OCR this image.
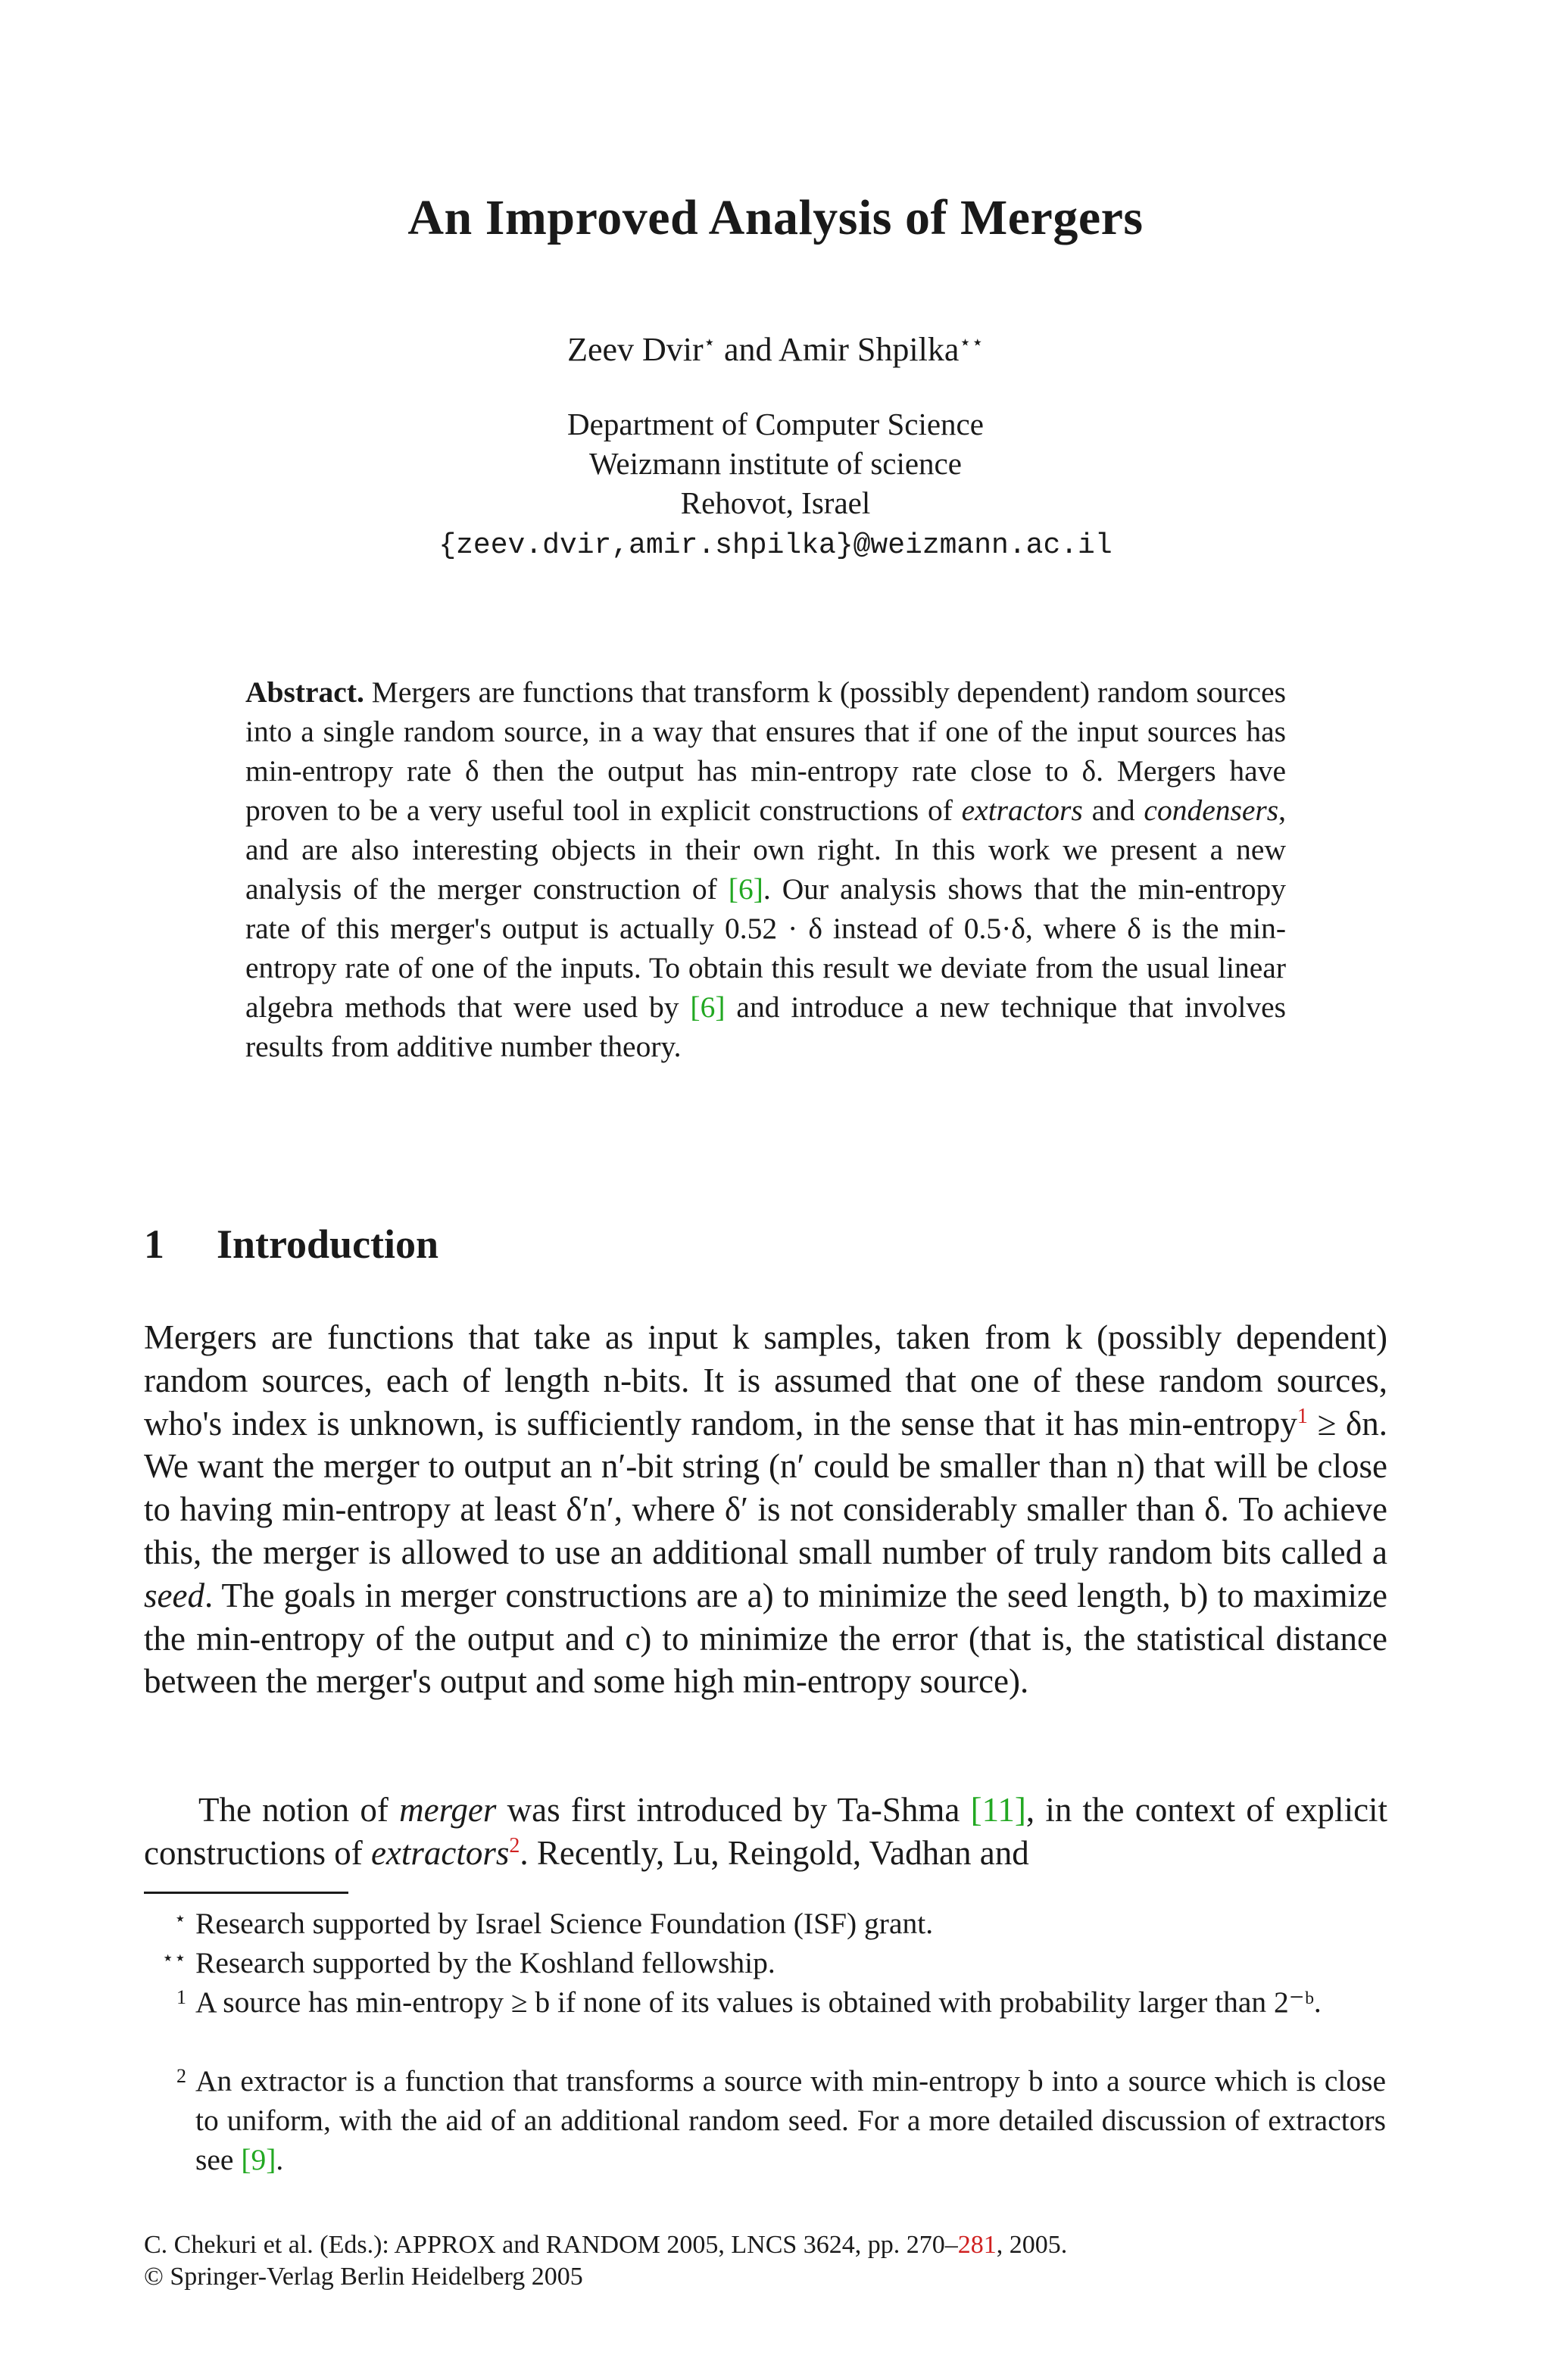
An Improved Analysis of Mergers
Zeev Dvir⋆ and Amir Shpilka⋆⋆
Department of Computer Science
Weizmann institute of science
Rehovot, Israel
{zeev.dvir,amir.shpilka}@weizmann.ac.il
Abstract. Mergers are functions that transform k (possibly dependent) random sources into a single random source, in a way that ensures that if one of the input sources has min-entropy rate δ then the output has min-entropy rate close to δ. Mergers have proven to be a very useful tool in explicit constructions of extractors and condensers, and are also interesting objects in their own right. In this work we present a new analysis of the merger construction of [6]. Our analysis shows that the min-entropy rate of this merger's output is actually 0.52 · δ instead of 0.5·δ, where δ is the min-entropy rate of one of the inputs. To obtain this result we deviate from the usual linear algebra methods that were used by [6] and introduce a new technique that involves results from additive number theory.
1 Introduction
Mergers are functions that take as input k samples, taken from k (possibly dependent) random sources, each of length n-bits. It is assumed that one of these random sources, who's index is unknown, is sufficiently random, in the sense that it has min-entropy$^1$ ≥ δn. We want the merger to output an n′-bit string (n′ could be smaller than n) that will be close to having min-entropy at least δ′n′, where δ′ is not considerably smaller than δ. To achieve this, the merger is allowed to use an additional small number of truly random bits called a seed. The goals in merger constructions are a) to minimize the seed length, b) to maximize the min-entropy of the output and c) to minimize the error (that is, the statistical distance between the merger's output and some high min-entropy source).
The notion of merger was first introduced by Ta-Shma [11], in the context of explicit constructions of extractors$^2$. Recently, Lu, Reingold, Vadhan and
⋆ Research supported by Israel Science Foundation (ISF) grant.
⋆⋆ Research supported by the Koshland fellowship.
1 A source has min-entropy ≥ b if none of its values is obtained with probability larger than 2⁻ᵇ.
2 An extractor is a function that transforms a source with min-entropy b into a source which is close to uniform, with the aid of an additional random seed. For a more detailed discussion of extractors see [9].
C. Chekuri et al. (Eds.): APPROX and RANDOM 2005, LNCS 3624, pp. 270–281, 2005.
© Springer-Verlag Berlin Heidelberg 2005
